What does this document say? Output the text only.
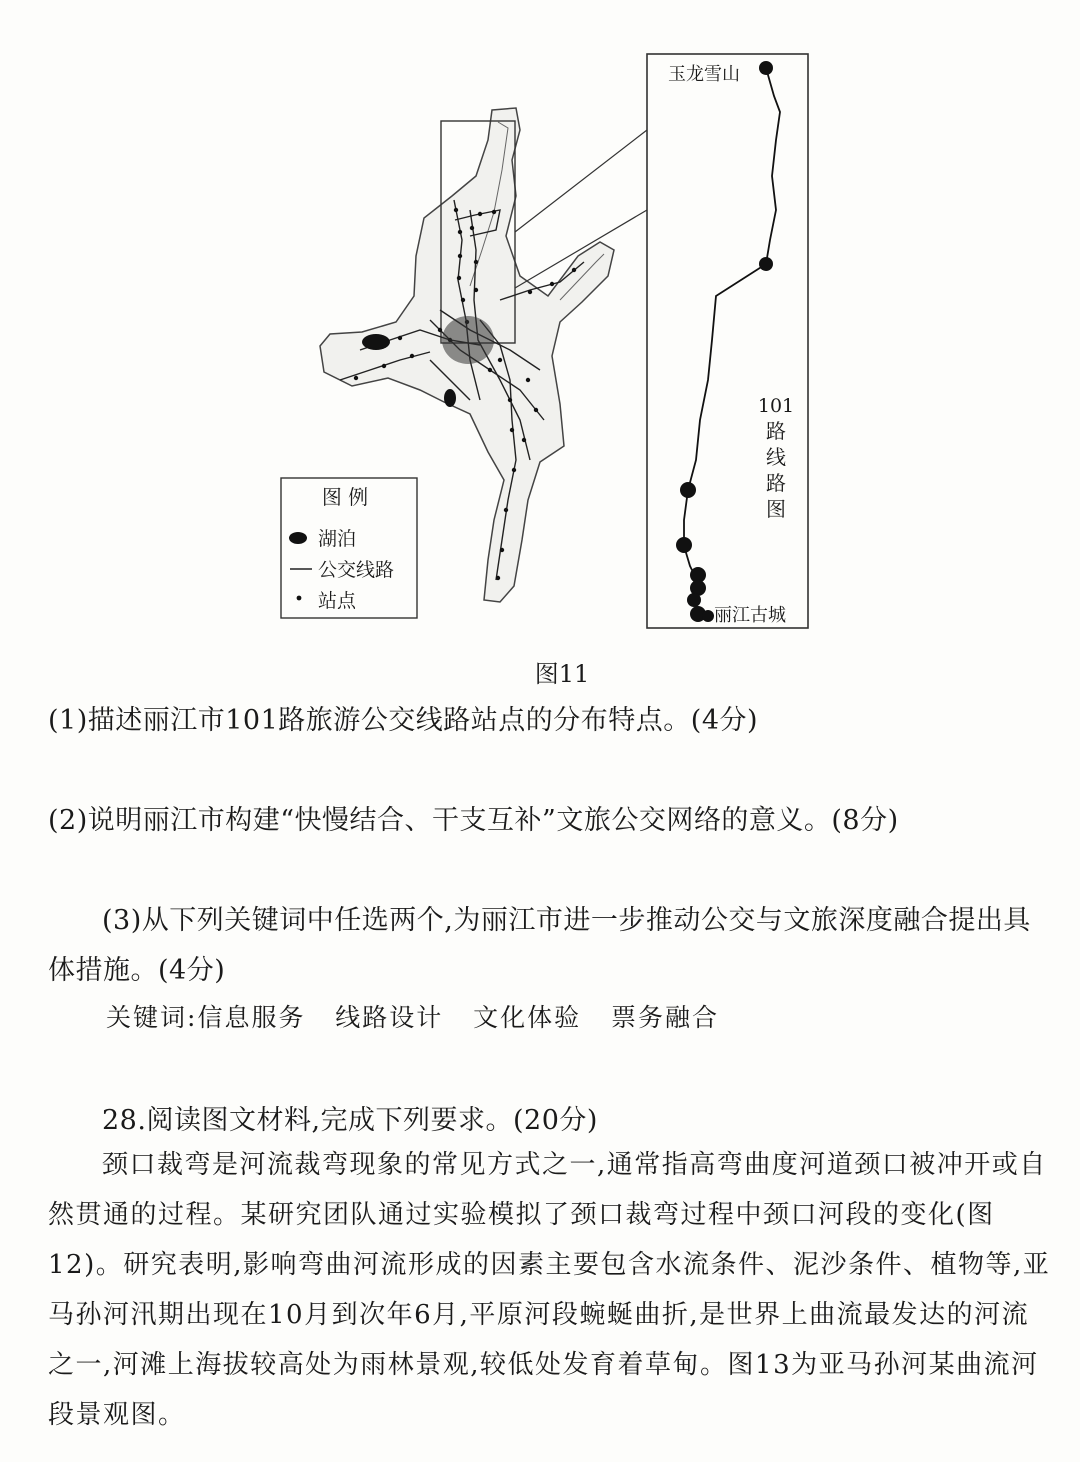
图 例
湖泊
公交线路
站点
玉龙雪山
丽江古城
101
路
线
路
图
图11
(1)描述丽江市101路旅游公交线路站点的分布特点。(4分)
(2)说明丽江市构建“快慢结合、干支互补”文旅公交网络的意义。(8分)
(3)从下列关键词中任选两个,为丽江市进一步推动公交与文旅深度融合提出具体措施。(4分)
关键词:信息服务 线路设计 文化体验 票务融合
28.阅读图文材料,完成下列要求。(20分)
颈口裁弯是河流裁弯现象的常见方式之一,通常指高弯曲度河道颈口被冲开或自然贯通的过程。某研究团队通过实验模拟了颈口裁弯过程中颈口河段的变化(图12)。研究表明,影响弯曲河流形成的因素主要包含水流条件、泥沙条件、植物等,亚马孙河汛期出现在10月到次年6月,平原河段蜿蜒曲折,是世界上曲流最发达的河流之一,河滩上海拔较高处为雨林景观,较低处发育着草甸。图13为亚马孙河某曲流河段景观图。
